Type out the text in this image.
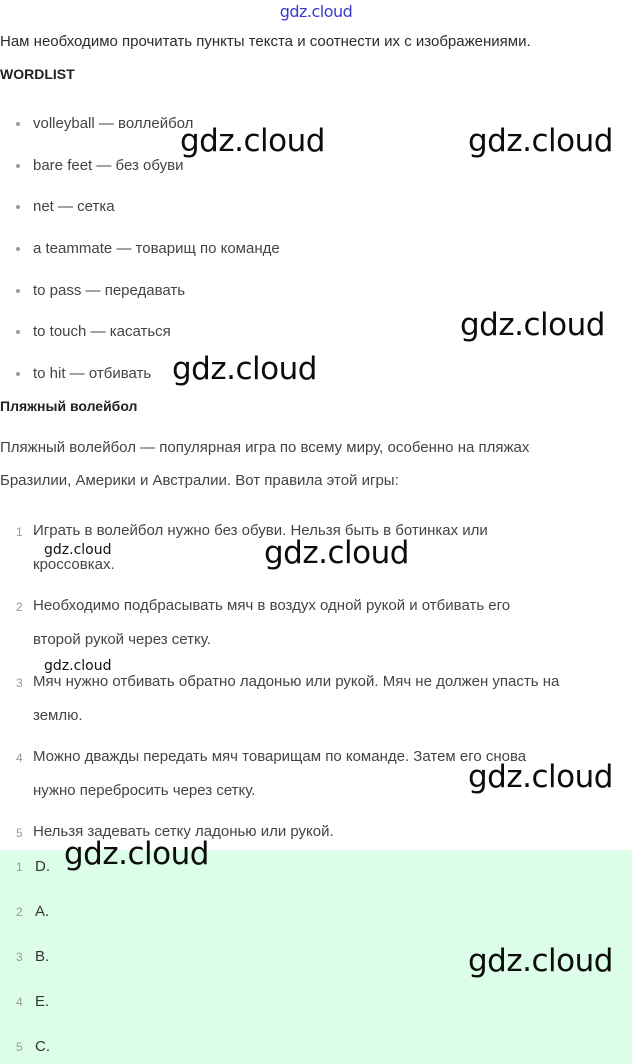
gdz.cloud
Нам необходимо прочитать пункты текста и соотнести их с изображениями.
WORDLIST
volleyball — воллейбол
bare feet — без обуви
net — сетка
a teammate — товарищ по команде
to pass — передавать
to touch — касаться
to hit — отбивать
Пляжный волейбол
Пляжный волейбол — популярная игра по всему миру, особенно на пляжах
Бразилии, Америки и Австралии. Вот правила этой игры:
1 Играть в волейбол нужно без обуви. Нельзя быть в ботинках или
кроссовках.
2 Необходимо подбрасывать мяч в воздух одной рукой и отбивать его
второй рукой через сетку.
3 Мяч нужно отбивать обратно ладонью или рукой. Мяч не должен упасть на
землю.
4 Можно дважды передать мяч товарищам по команде. Затем его снова
нужно перебросить через сетку.
5 Нельзя задевать сетку ладонью или рукой.
1 D.
2 A.
3 B.
4 E.
5 C.
gdz.cloud	gdz.cloud
gdz.cloud
gdz.cloud
gdz.cloud	gdz.cloud
gdz.cloud
gdz.cloud
gdz.cloud
gdz.cloud
